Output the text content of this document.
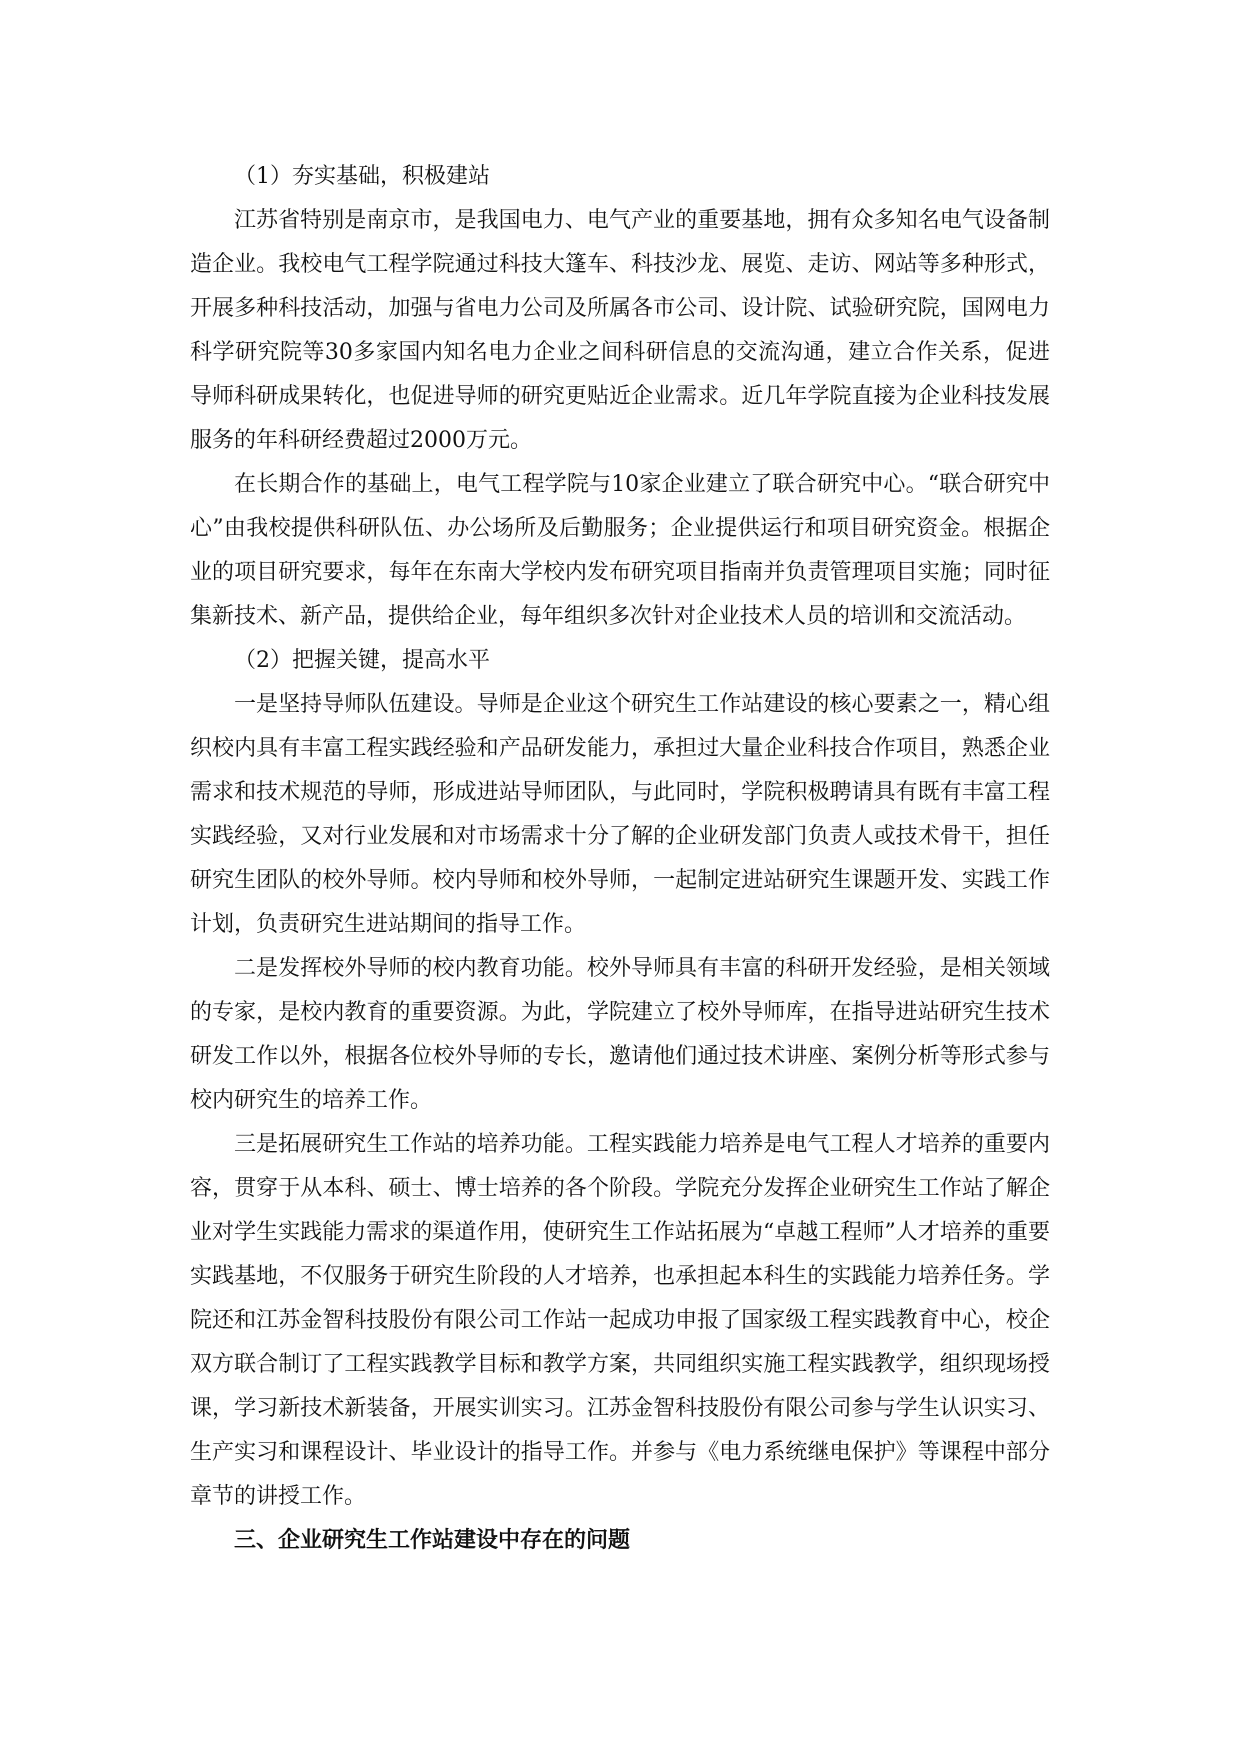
（1）夯实基础，积极建站

江苏省特别是南京市，是我国电力、电气产业的重要基地，拥有众多知名电气设备制造企业。我校电气工程学院通过科技大篷车、科技沙龙、展览、走访、网站等多种形式，开展多种科技活动，加强与省电力公司及所属各市公司、设计院、试验研究院，国网电力科学研究院等30多家国内知名电力企业之间科研信息的交流沟通，建立合作关系，促进导师科研成果转化，也促进导师的研究更贴近企业需求。近几年学院直接为企业科技发展服务的年科研经费超过2000万元。

在长期合作的基础上，电气工程学院与10家企业建立了联合研究中心。“联合研究中心”由我校提供科研队伍、办公场所及后勤服务；企业提供运行和项目研究资金。根据企业的项目研究要求，每年在东南大学校内发布研究项目指南并负责管理项目实施；同时征集新技术、新产品，提供给企业，每年组织多次针对企业技术人员的培训和交流活动。

（2）把握关键，提高水平

一是坚持导师队伍建设。导师是企业这个研究生工作站建设的核心要素之一，精心组织校内具有丰富工程实践经验和产品研发能力，承担过大量企业科技合作项目，熟悉企业需求和技术规范的导师，形成进站导师团队，与此同时，学院积极聘请具有既有丰富工程实践经验，又对行业发展和对市场需求十分了解的企业研发部门负责人或技术骨干，担任研究生团队的校外导师。校内导师和校外导师，一起制定进站研究生课题开发、实践工作计划，负责研究生进站期间的指导工作。

二是发挥校外导师的校内教育功能。校外导师具有丰富的科研开发经验，是相关领域的专家，是校内教育的重要资源。为此，学院建立了校外导师库，在指导进站研究生技术研发工作以外，根据各位校外导师的专长，邀请他们通过技术讲座、案例分析等形式参与校内研究生的培养工作。

三是拓展研究生工作站的培养功能。工程实践能力培养是电气工程人才培养的重要内容，贯穿于从本科、硕士、博士培养的各个阶段。学院充分发挥企业研究生工作站了解企业对学生实践能力需求的渠道作用，使研究生工作站拓展为“卓越工程师”人才培养的重要实践基地，不仅服务于研究生阶段的人才培养，也承担起本科生的实践能力培养任务。学院还和江苏金智科技股份有限公司工作站一起成功申报了国家级工程实践教育中心，校企双方联合制订了工程实践教学目标和教学方案，共同组织实施工程实践教学，组织现场授课，学习新技术新装备，开展实训实习。江苏金智科技股份有限公司参与学生认识实习、生产实习和课程设计、毕业设计的指导工作。并参与《电力系统继电保护》等课程中部分章节的讲授工作。

三、企业研究生工作站建设中存在的问题
